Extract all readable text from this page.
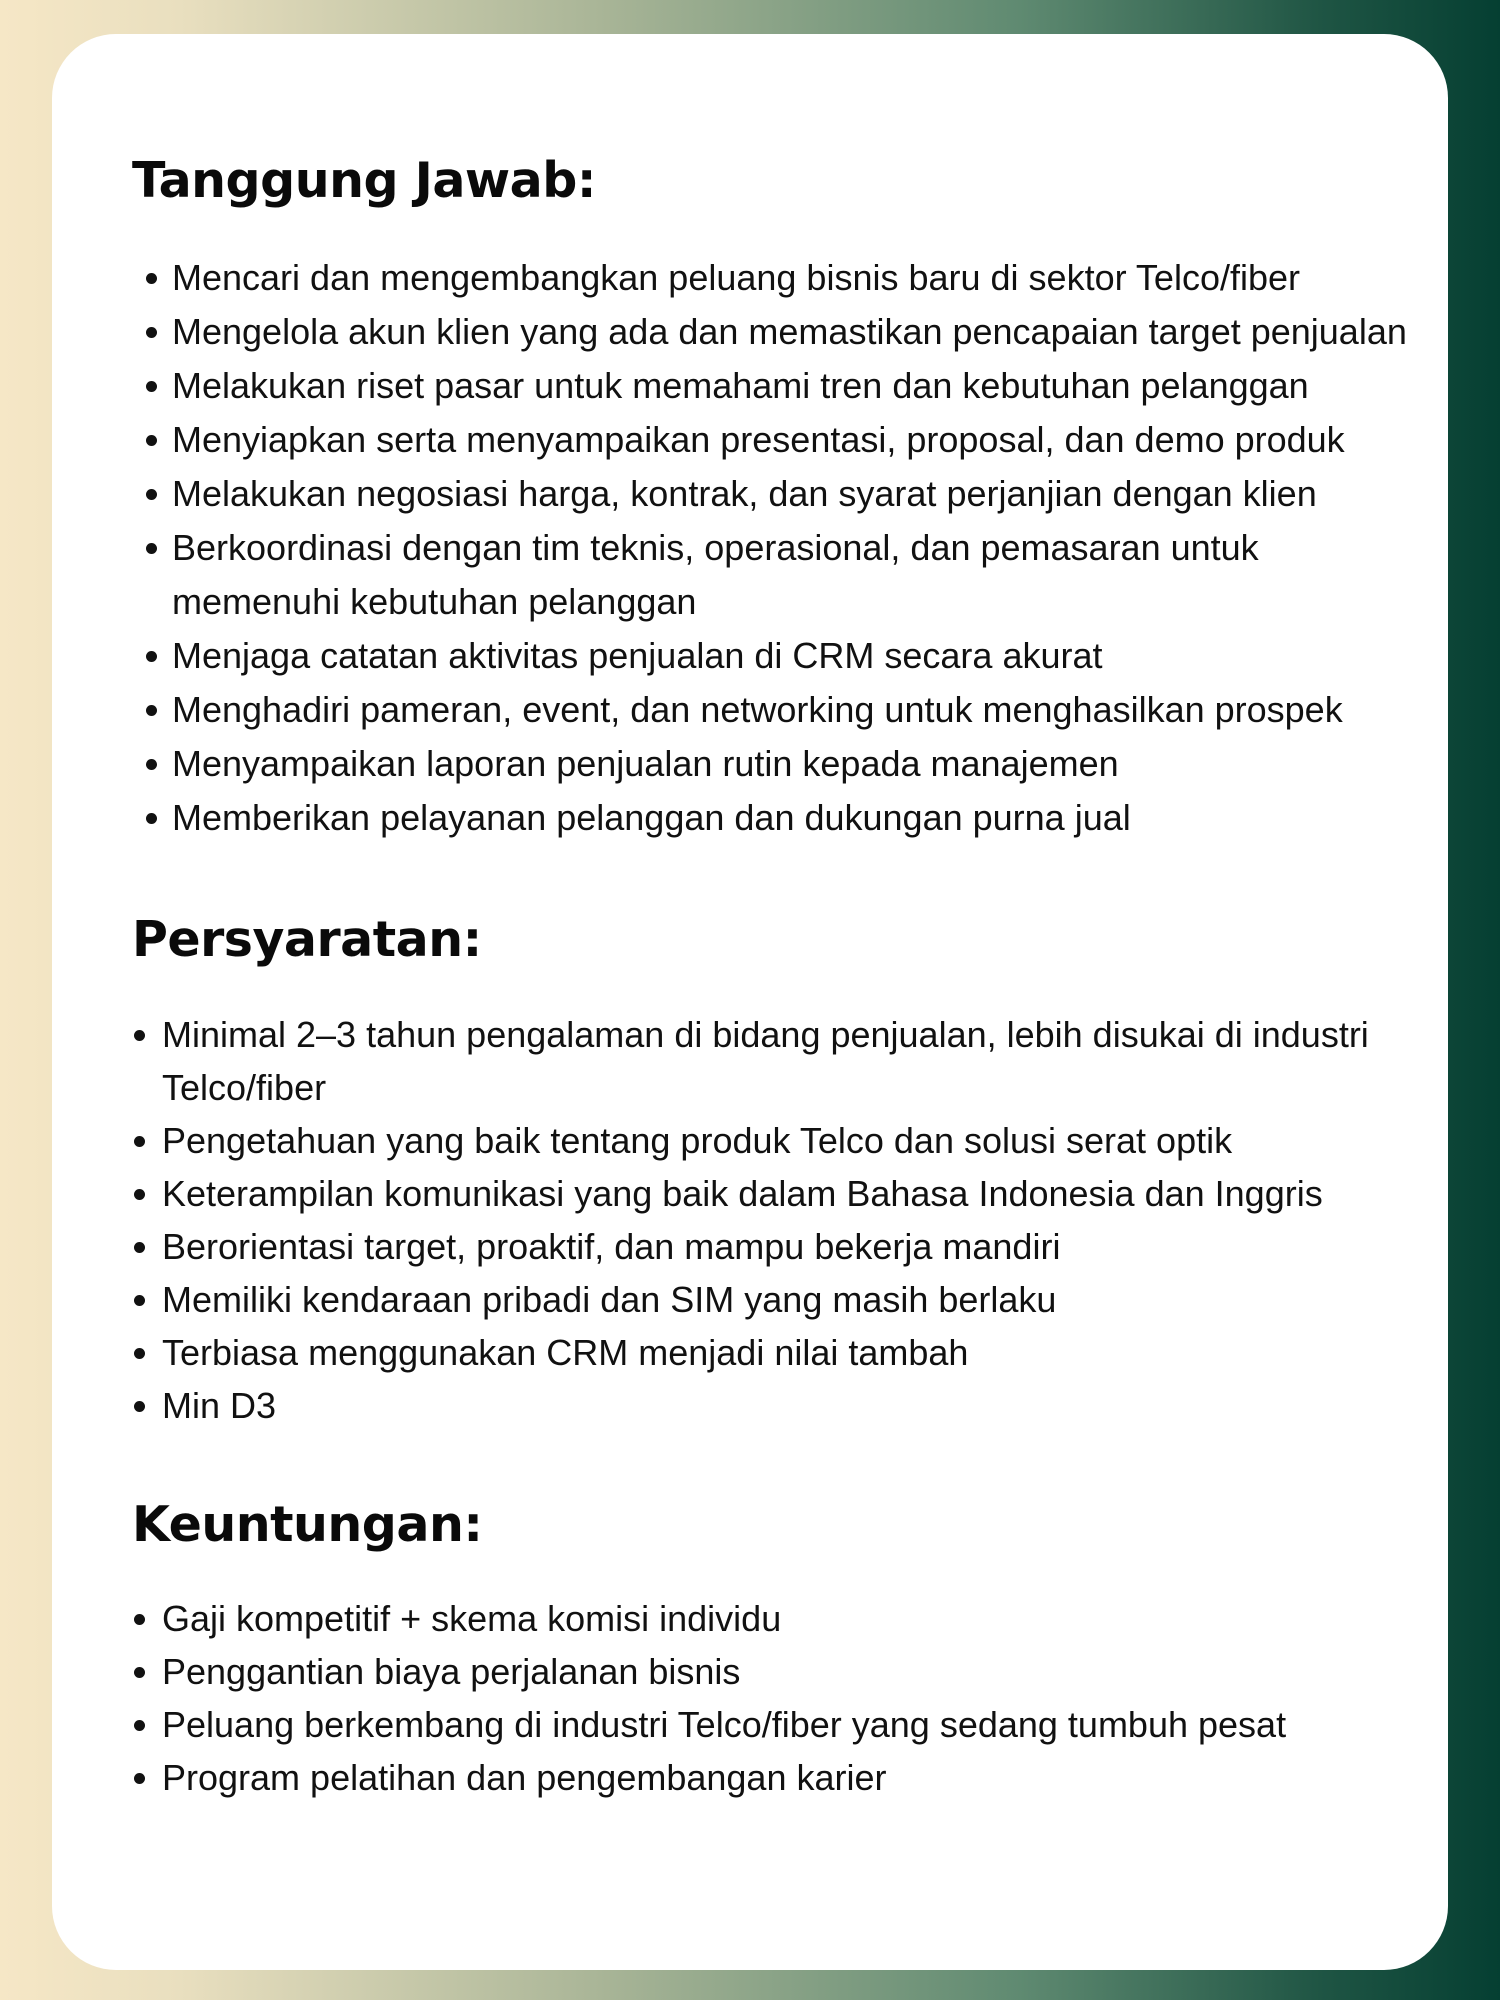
Tanggung Jawab:
Mencari dan mengembangkan peluang bisnis baru di sektor Telco/fiber
Mengelola akun klien yang ada dan memastikan pencapaian target penjualan
Melakukan riset pasar untuk memahami tren dan kebutuhan pelanggan
Menyiapkan serta menyampaikan presentasi, proposal, dan demo produk
Melakukan negosiasi harga, kontrak, dan syarat perjanjian dengan klien
Berkoordinasi dengan tim teknis, operasional, dan pemasaran untuk memenuhi kebutuhan pelanggan
Menjaga catatan aktivitas penjualan di CRM secara akurat
Menghadiri pameran, event, dan networking untuk menghasilkan prospek
Menyampaikan laporan penjualan rutin kepada manajemen
Memberikan pelayanan pelanggan dan dukungan purna jual
Persyaratan:
Minimal 2–3 tahun pengalaman di bidang penjualan, lebih disukai di industri Telco/fiber
Pengetahuan yang baik tentang produk Telco dan solusi serat optik
Keterampilan komunikasi yang baik dalam Bahasa Indonesia dan Inggris
Berorientasi target, proaktif, dan mampu bekerja mandiri
Memiliki kendaraan pribadi dan SIM yang masih berlaku
Terbiasa menggunakan CRM menjadi nilai tambah
Min D3
Keuntungan:
Gaji kompetitif + skema komisi individu
Penggantian biaya perjalanan bisnis
Peluang berkembang di industri Telco/fiber yang sedang tumbuh pesat
Program pelatihan dan pengembangan karier
